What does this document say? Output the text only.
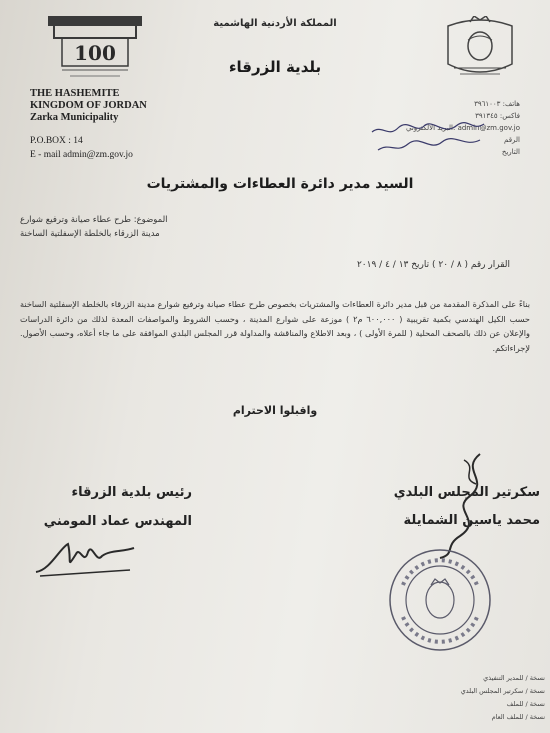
100
المملكة الأردنية الهاشمية
بلدية الزرقاء
THE HASHEMITE
KINGDOM OF JORDAN
Zarka Municipality
P.O.BOX : 14
E - mail admin@zm.gov.jo
هاتف: ٣٩٦١٠٠٣
فاكس: ٣٩١٣٤٥
admin@zm.gov.jo :البريد الالكتروني
الرقم
التاريخ
السيد مدير دائرة العطاءات والمشتريات
الموضوع: طرح عطاء صيانة وترفيع شوارع
مدينة الزرقاء بالخلطة الإسفلتية الساخنة
القرار رقم ( ٨ / ٢٠ ) تاريخ ١٣ / ٤ / ٢٠١٩
بناءً على المذكرة المقدمة من قبل مدير دائرة العطاءات والمشتريات بخصوص طرح عطاء صيانة وترفيع شوارع مدينة الزرقاء بالخلطة الإسفلتية الساخنة حسب الكيل الهندسي بكمية تقريبية ( ٦٠٠,٠٠٠ م٢ ) موزعة على شوارع المدينة ، وحسب الشروط والمواصفات المعدة لذلك من دائرة الدراسات والإعلان عن ذلك بالصحف المحلية ( للمرة الأولى ) ، وبعد الاطلاع والمناقشة والمداولة قرر المجلس البلدي الموافقة على ما جاء أعلاه، وحسب الأصول. لإجراءاتكم.
واقبلوا الاحترام
رئيس بلدية الزرقاء
المهندس عماد المومني
سكرتير المجلس البلدي
محمد ياسين الشمايلة
نسخة / للمدير التنفيذي
نسخة / سكرتير المجلس البلدي
نسخة / للملف
نسخة / للملف العام
